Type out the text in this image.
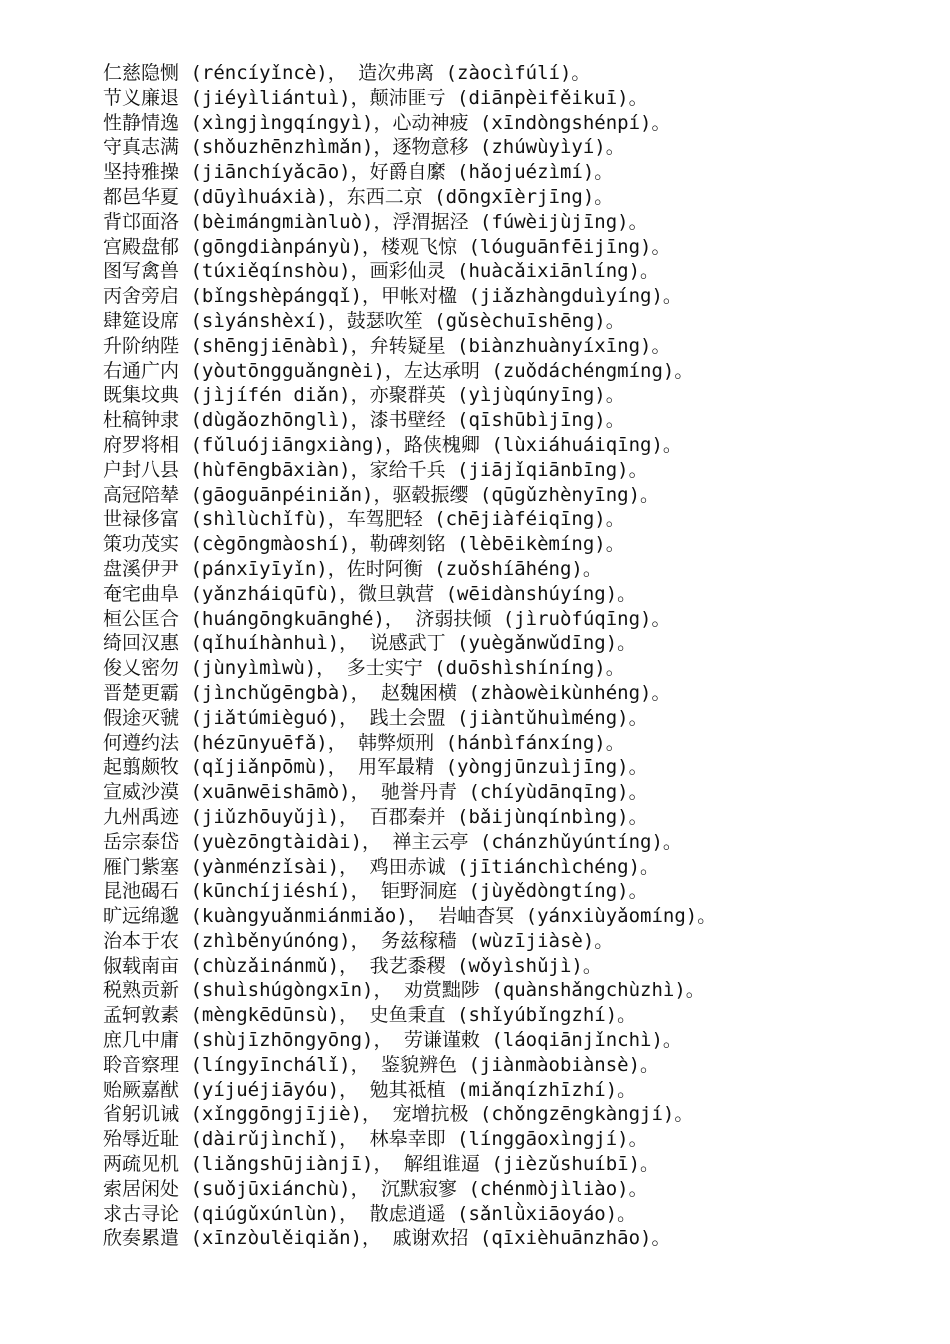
仁慈隐恻 (réncíyǐncè)， 造次弗离 (zàocìfúlí)。
节义廉退 (jiéyìliántuì)，颠沛匪亏 (diānpèifěikuī)。
性静情逸 (xìngjìngqíngyì)，心动神疲 (xīndòngshénpí)。
守真志满 (shǒuzhēnzhìmǎn)，逐物意移 (zhúwùyìyí)。
坚持雅操 (jiānchíyǎcāo)，好爵自縻 (hǎojuézìmí)。
都邑华夏 (dūyìhuáxià)，东西二京 (dōngxīèrjīng)。
背邙面洛 (bèimángmiànluò)，浮渭据泾 (fúwèijùjīng)。
宫殿盘郁 (gōngdiànpányù)，楼观飞惊 (lóuguānfēijīng)。
图写禽兽 (túxiěqínshòu)，画彩仙灵 (huàcǎixiānlíng)。
丙舍旁启 (bǐngshèpángqǐ)，甲帐对楹 (jiǎzhàngduìyíng)。
肆筵设席 (sìyánshèxí)，鼓瑟吹笙 (gǔsèchuīshēng)。
升阶纳陛 (shēngjiēnàbì)，弁转疑星 (biànzhuànyíxīng)。
右通广内 (yòutōngguǎngnèi)，左达承明 (zuǒdáchéngmíng)。
既集坟典 (jìjífén diǎn)，亦聚群英 (yìjùqúnyīng)。
杜稿钟隶 (dùgǎozhōnglì)，漆书壁经 (qīshūbìjīng)。
府罗将相 (fǔluójiāngxiàng)，路侠槐卿 (lùxiáhuáiqīng)。
户封八县 (hùfēngbāxiàn)，家给千兵 (jiājǐqiānbīng)。
高冠陪辇 (gāoguānpéiniǎn)，驱毂振缨 (qūgǔzhènyīng)。
世禄侈富 (shìlùchǐfù)，车驾肥轻 (chējiàféiqīng)。
策功茂实 (cègōngmàoshí)，勒碑刻铭 (lèbēikèmíng)。
盘溪伊尹 (pánxīyīyǐn)，佐时阿衡 (zuǒshíāhéng)。
奄宅曲阜 (yǎnzháiqūfù)，微旦孰营 (wēidànshúyíng)。
桓公匡合 (huángōngkuānghé)， 济弱扶倾 (jìruòfúqīng)。
绮回汉惠 (qǐhuíhànhuì)， 说感武丁 (yuègǎnwǔdīng)。
俊乂密勿 (jùnyìmìwù)， 多士实宁 (duōshìshíníng)。
晋楚更霸 (jìnchǔgēngbà)， 赵魏困横 (zhàowèikùnhéng)。
假途灭虢 (jiǎtúmièguó)， 践土会盟 (jiàntǔhuìméng)。
何遵约法 (hézūnyuēfǎ)， 韩弊烦刑 (hánbìfánxíng)。
起翦颇牧 (qǐjiǎnpōmù)， 用军最精 (yòngjūnzuìjīng)。
宣威沙漠 (xuānwēishāmò)， 驰誉丹青 (chíyùdānqīng)。
九州禹迹 (jiǔzhōuyǔjì)， 百郡秦并 (bǎijùnqínbìng)。
岳宗泰岱 (yuèzōngtàidài)， 禅主云亭 (chánzhǔyúntíng)。
雁门紫塞 (yànménzǐsài)， 鸡田赤诚 (jītiánchìchéng)。
昆池碣石 (kūnchíjiéshí)， 钜野洞庭 (jùyědòngtíng)。
旷远绵邈 (kuàngyuǎnmiánmiǎo)， 岩岫杳冥 (yánxiùyǎomíng)。
治本于农 (zhìběnyúnóng)， 务兹稼穑 (wùzījiàsè)。
俶载南亩 (chùzǎinánmǔ)， 我艺黍稷 (wǒyìshǔjì)。
税熟贡新 (shuìshúgòngxīn)， 劝赏黜陟 (quànshǎngchùzhì)。
孟轲敦素 (mèngkēdūnsù)， 史鱼秉直 (shǐyúbǐngzhí)。
庶几中庸 (shùjīzhōngyōng)， 劳谦谨敕 (láoqiānjǐnchì)。
聆音察理 (língyīnchálǐ)， 鉴貌辨色 (jiànmàobiànsè)。
贻厥嘉猷 (yíjuéjiāyóu)， 勉其祗植 (miǎnqízhīzhí)。
省躬讥诫 (xǐnggōngjījiè)， 宠增抗极 (chǒngzēngkàngjí)。
殆辱近耻 (dàirǔjìnchǐ)， 林皋幸即 (línggāoxìngjí)。
两疏见机 (liǎngshūjiànjī)， 解组谁逼 (jièzǔshuíbī)。
索居闲处 (suǒjūxiánchù)， 沉默寂寥 (chénmòjìliào)。
求古寻论 (qiúgǔxúnlùn)， 散虑逍遥 (sǎnlǜxiāoyáo)。
欣奏累遣 (xīnzòulěiqiǎn)， 戚谢欢招 (qīxièhuānzhāo)。
